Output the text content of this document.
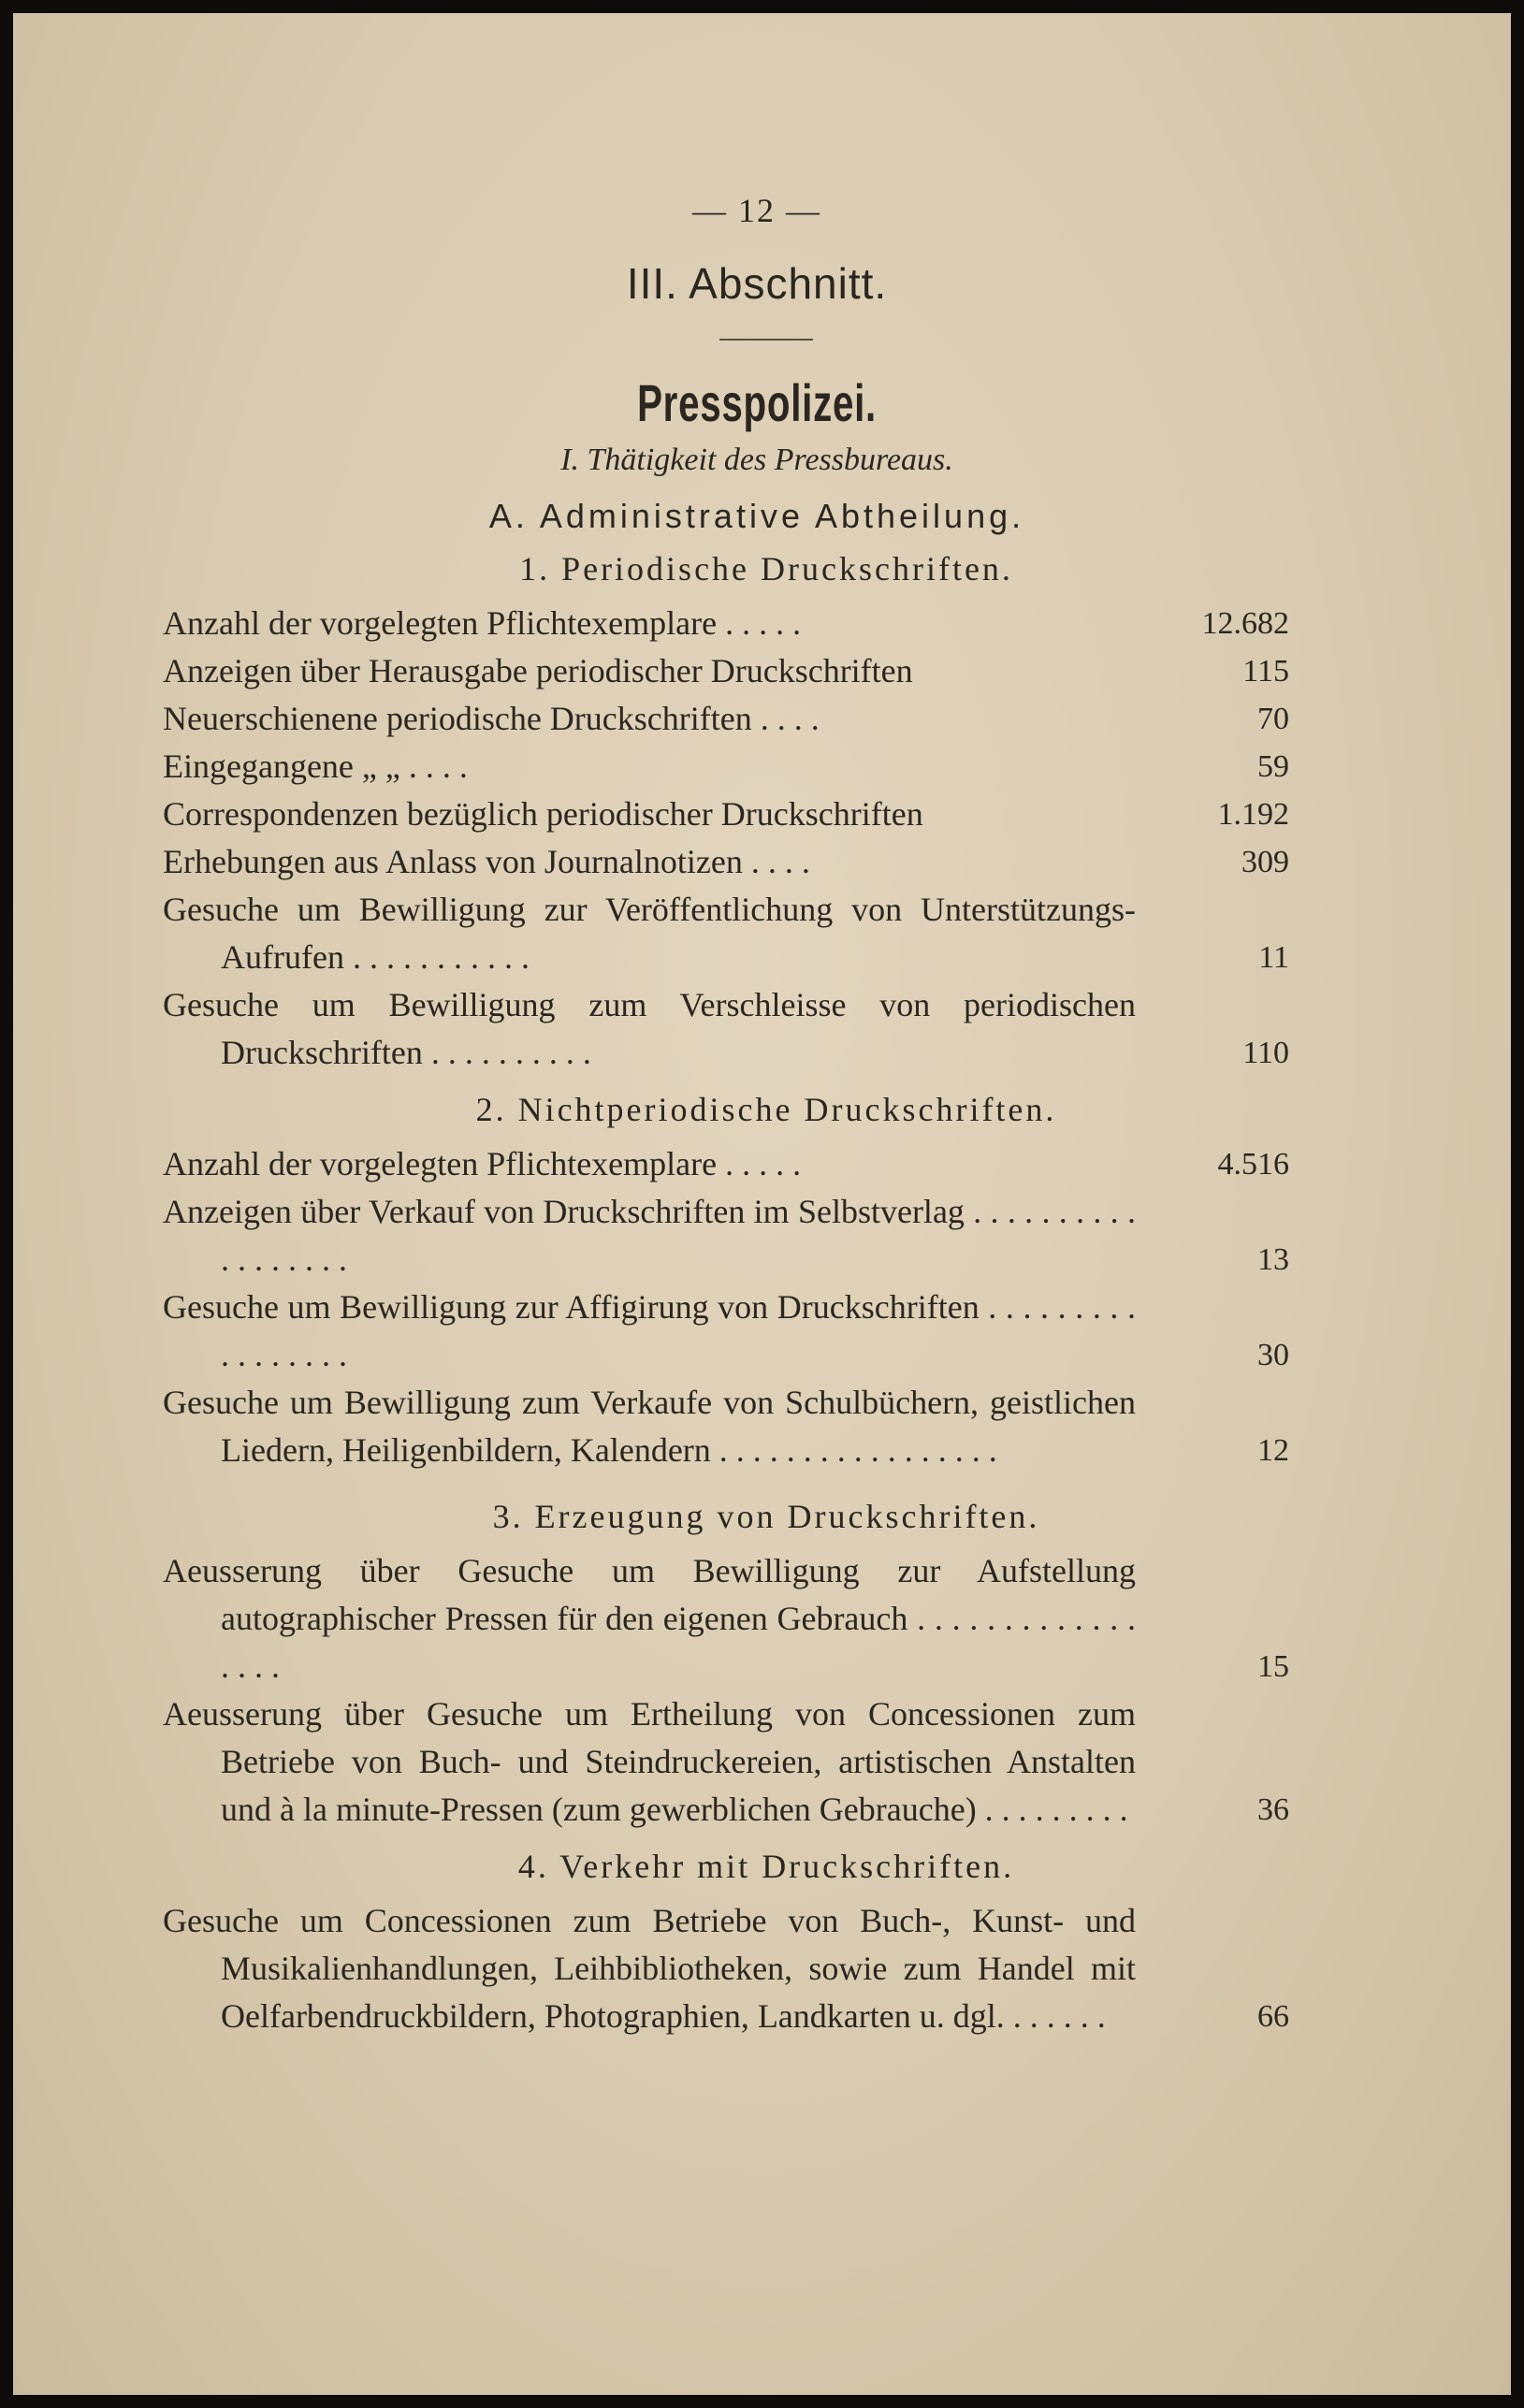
— 12 —
III. Abschnitt.
Presspolizei.
I. Thätigkeit des Pressbureaus.
A. Administrative Abtheilung.
1. Periodische Druckschriften.
Anzahl der vorgelegten Pflichtexemplare . . . . .	12.682
Anzeigen über Herausgabe periodischer Druckschriften	115
Neuerschienene periodische Druckschriften . . . .	70
Eingegangene „ „ . . . .	59
Correspondenzen bezüglich periodischer Druckschriften	1.192
Erhebungen aus Anlass von Journalnotizen . . . .	309
Gesuche um Bewilligung zur Veröffentlichung von Unterstützungs-Aufrufen . . . . . . . . . . .	11
Gesuche um Bewilligung zum Verschleisse von periodischen Druckschriften . . . . . . . . . .	110
2. Nichtperiodische Druckschriften.
Anzahl der vorgelegten Pflichtexemplare . . . . .	4.516
Anzeigen über Verkauf von Druckschriften im Selbstverlag . . . . . . . . . . . . . . . . . .	13
Gesuche um Bewilligung zur Affigirung von Druckschriften . . . . . . . . . . . . . . . . .	30
Gesuche um Bewilligung zum Verkaufe von Schulbüchern, geistlichen Liedern, Heiligenbildern, Kalendern . . . . . . . . . . . . . . . . .	12
3. Erzeugung von Druckschriften.
Aeusserung über Gesuche um Bewilligung zur Aufstellung autographischer Pressen für den eigenen Gebrauch . . . . . . . . . . . . . . . . .	15
Aeusserung über Gesuche um Ertheilung von Concessionen zum Betriebe von Buch- und Steindruckereien, artistischen Anstalten und à la minute-Pressen (zum gewerblichen Gebrauche) . . . . . . . . .	36
4. Verkehr mit Druckschriften.
Gesuche um Concessionen zum Betriebe von Buch-, Kunst- und Musikalienhandlungen, Leihbibliotheken, sowie zum Handel mit Oelfarbendruckbildern, Photographien, Landkarten u. dgl. . . . . . .	66
